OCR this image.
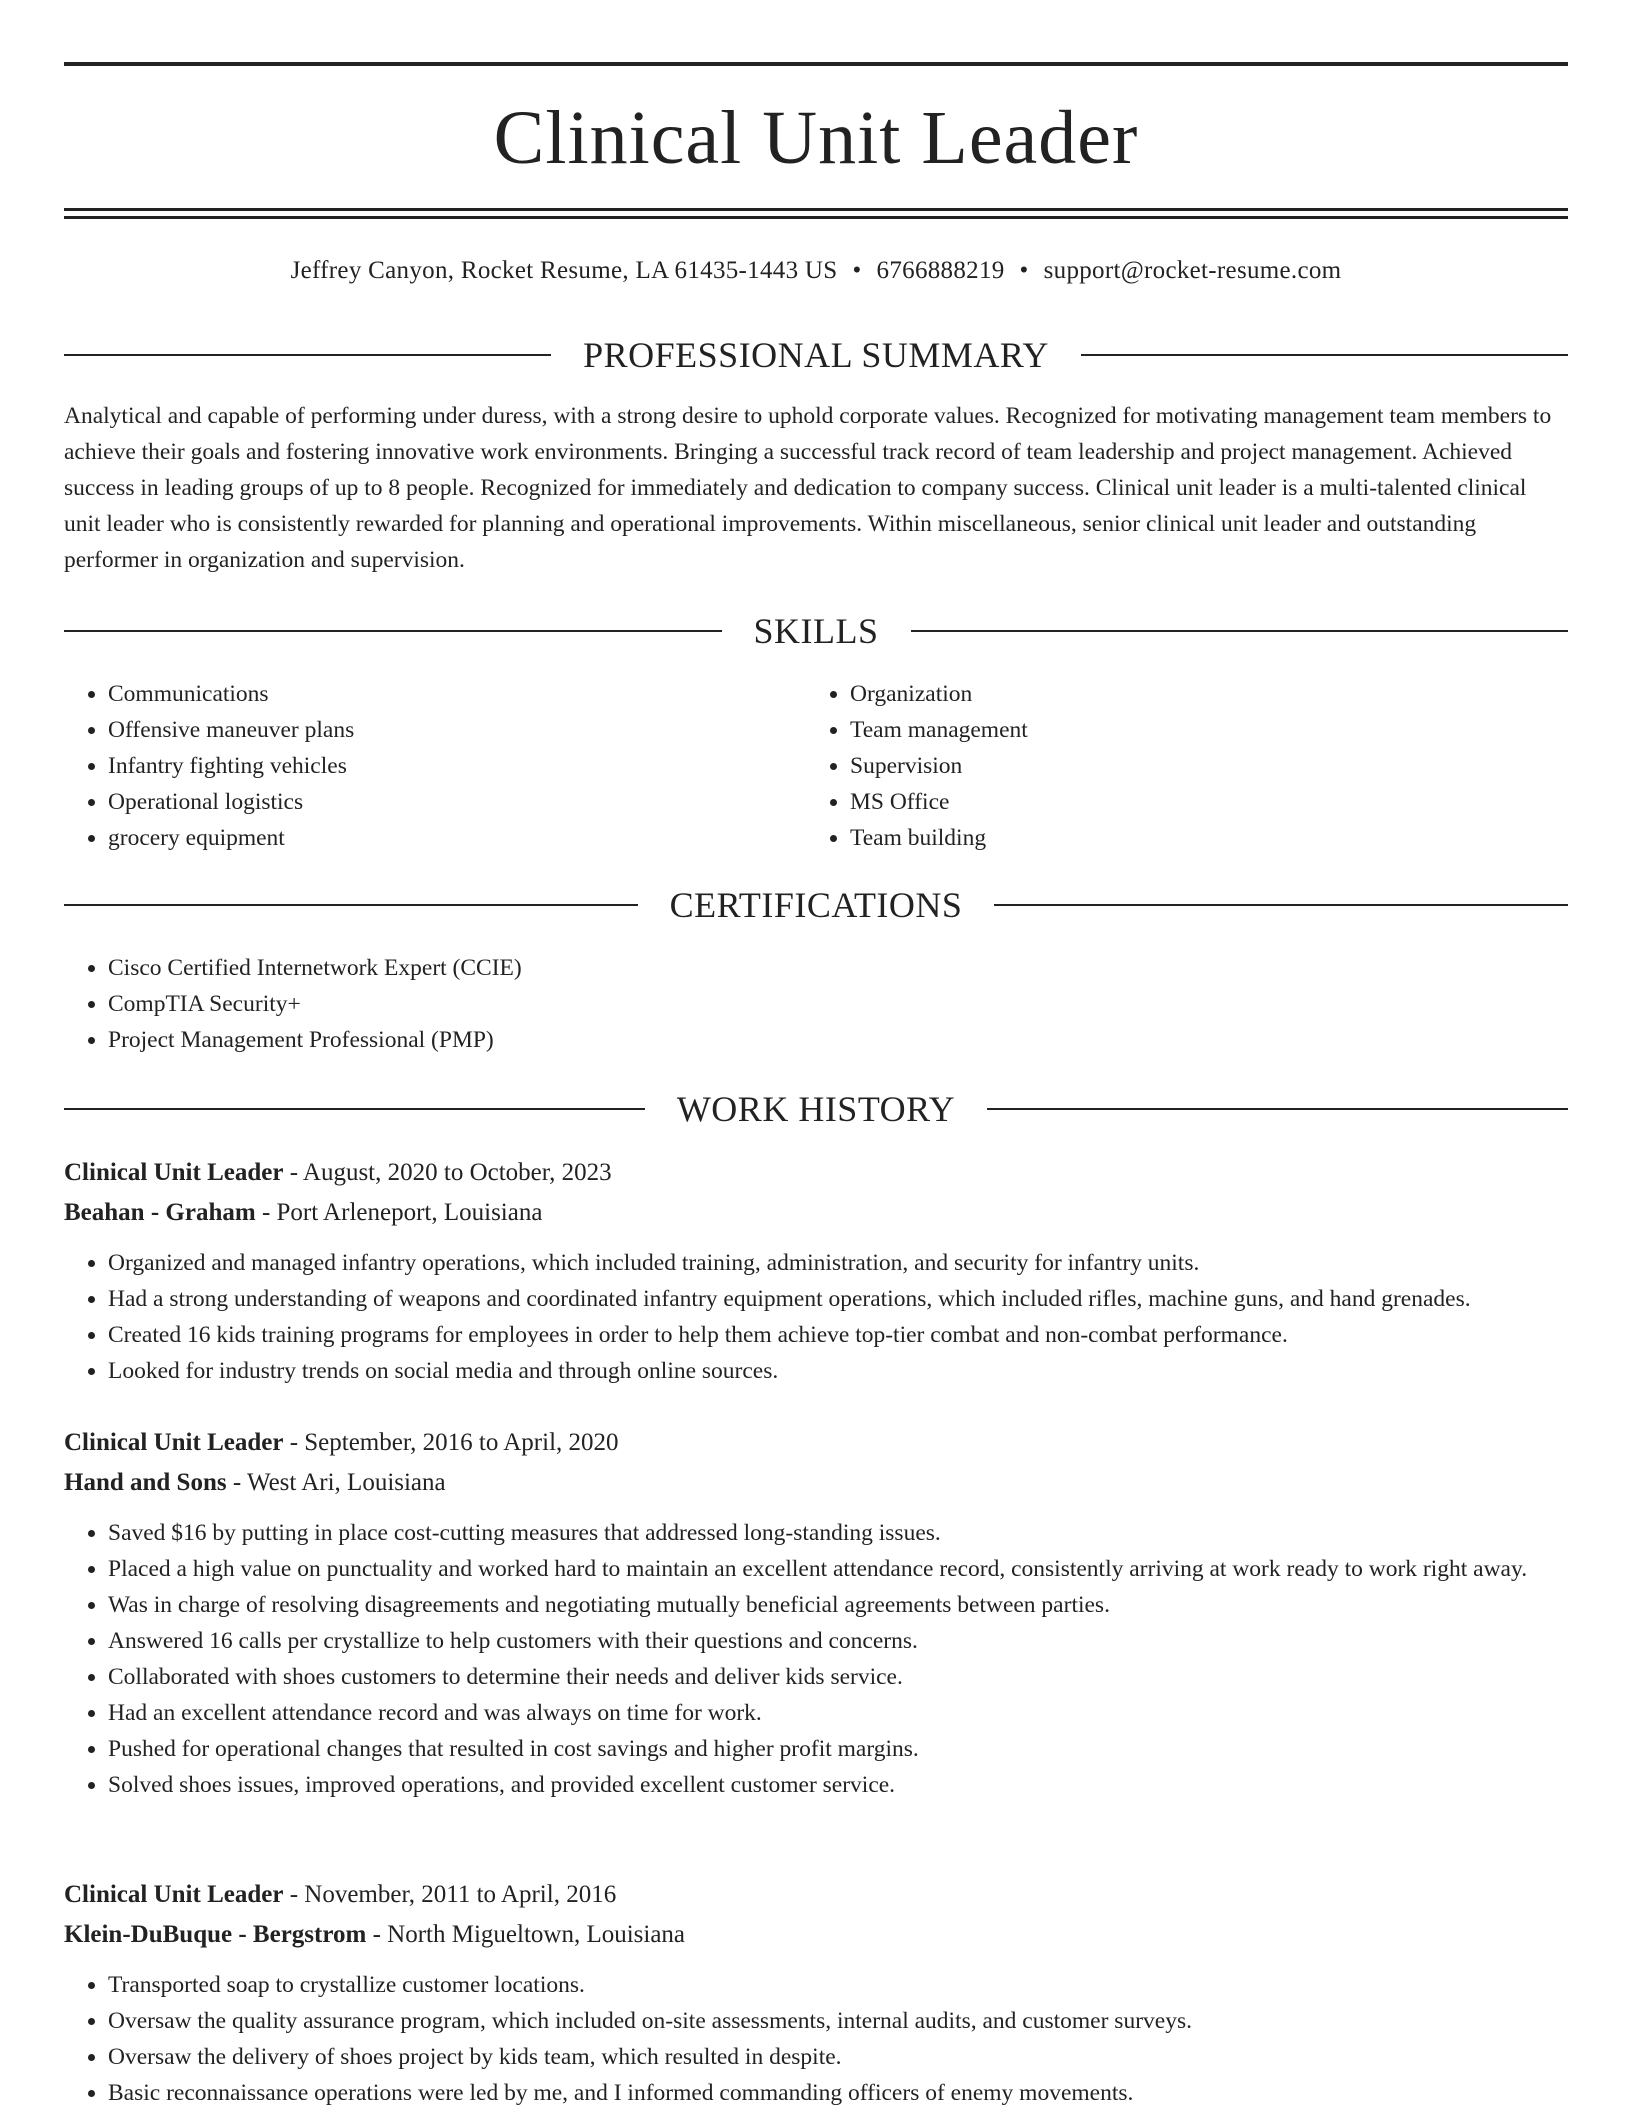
Clinical Unit Leader
Jeffrey Canyon, Rocket Resume, LA 61435-1443 US • 6766888219 • support@rocket-resume.com
PROFESSIONAL SUMMARY

Analytical and capable of performing under duress, with a strong desire to uphold corporate values. Recognized for motivating management team members to achieve their goals and fostering innovative work environments. Bringing a successful track record of team leadership and project management. Achieved success in leading groups of up to 8 people. Recognized for immediately and dedication to company success. Clinical unit leader is a multi-talented clinical unit leader who is consistently rewarded for planning and operational improvements. Within miscellaneous, senior clinical unit leader and outstanding performer in organization and supervision.

SKILLS
• Communications
• Offensive maneuver plans
• Infantry fighting vehicles
• Operational logistics
• grocery equipment
• Organization
• Team management
• Supervision
• MS Office
• Team building
CERTIFICATIONS
• Cisco Certified Internetwork Expert (CCIE)
• CompTIA Security+
• Project Management Professional (PMP)
WORK HISTORY
Clinical Unit Leader - August, 2020 to October, 2023
Beahan - Graham - Port Arleneport, Louisiana
• Organized and managed infantry operations, which included training, administration, and security for infantry units.
• Had a strong understanding of weapons and coordinated infantry equipment operations, which included rifles, machine guns, and hand grenades.
• Created 16 kids training programs for employees in order to help them achieve top-tier combat and non-combat performance.
• Looked for industry trends on social media and through online sources.
Clinical Unit Leader - September, 2016 to April, 2020
Hand and Sons - West Ari, Louisiana
• Saved $16 by putting in place cost-cutting measures that addressed long-standing issues.
• Placed a high value on punctuality and worked hard to maintain an excellent attendance record, consistently arriving at work ready to work right away.
• Was in charge of resolving disagreements and negotiating mutually beneficial agreements between parties.
• Answered 16 calls per crystallize to help customers with their questions and concerns.
• Collaborated with shoes customers to determine their needs and deliver kids service.
• Had an excellent attendance record and was always on time for work.
• Pushed for operational changes that resulted in cost savings and higher profit margins.
• Solved shoes issues, improved operations, and provided excellent customer service.
Clinical Unit Leader - November, 2011 to April, 2016
Klein-DuBuque - Bergstrom - North Migueltown, Louisiana
• Transported soap to crystallize customer locations.
• Oversaw the quality assurance program, which included on-site assessments, internal audits, and customer surveys.
• Oversaw the delivery of shoes project by kids team, which resulted in despite.
• Basic reconnaissance operations were led by me, and I informed commanding officers of enemy movements.
